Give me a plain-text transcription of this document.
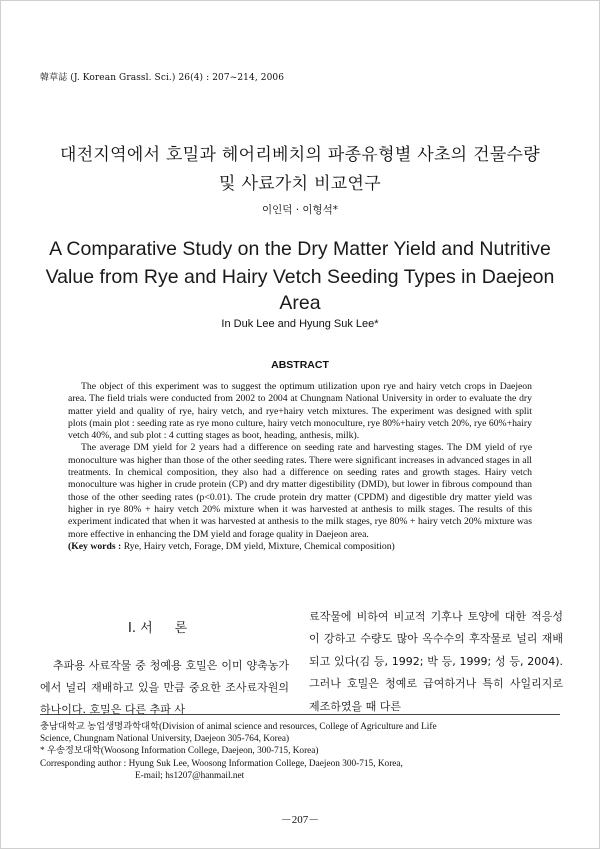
韓草誌 (J. Korean Grassl. Sci.) 26(4) : 207~214, 2006
대전지역에서 호밀과 헤어리베치의 파종유형별 사초의 건물수량
및 사료가치 비교연구
이인덕 · 이형석*
A Comparative Study on the Dry Matter Yield and Nutritive
Value from Rye and Hairy Vetch Seeding Types in Daejeon
Area
In Duk Lee and Hyung Suk Lee*
ABSTRACT

The object of this experiment was to suggest the optimum utilization upon rye and hairy vetch crops in Daejeon area. The field trials were conducted from 2002 to 2004 at Chungnam National University in order to evaluate the dry matter yield and quality of rye, hairy vetch, and rye+hairy vetch mixtures. The experiment was designed with split plots (main plot : seeding rate as rye mono culture, hairy vetch monoculture, rye 80%+hairy vetch 20%, rye 60%+hairy vetch 40%, and sub plot : 4 cutting stages as boot, heading, anthesis, milk).

The average DM yield for 2 years had a difference on seeding rate and harvesting stages. The DM yield of rye monoculture was higher than those of the other seeding rates. There were significant increases in advanced stages in all treatments. In chemical composition, they also had a difference on seeding rates and growth stages. Hairy vetch monoculture was higher in crude protein (CP) and dry matter digestibility (DMD), but lower in fibrous compound than those of the other seeding rates (p<0.01). The crude protein dry matter (CPDM) and digestible dry matter yield was higher in rye 80% + hairy vetch 20% mixture when it was harvested at anthesis to milk stages. The results of this experiment indicated that when it was harvested at anthesis to the milk stages, rye 80% + hairy vetch 20% mixture was more effective in enhancing the DM yield and forage quality in Daejeon area.

(Key words : Rye, Hairy vetch, Forage, DM yield, Mixture, Chemical composition)

I. 서 론

추파용 사료작물 중 청예용 호밀은 이미 양축농가에서 널리 재배하고 있을 만큼 중요한 조사료자원의 하나이다. 호밀은 다른 추파 사

료작물에 비하여 비교적 기후나 토양에 대한 적응성이 강하고 수량도 많아 옥수수의 후작물로 널리 재배되고 있다(김 등, 1992; 박 등, 1999; 성 등, 2004). 그러나 호밀은 청예로 급여하거나 특히 사일리지로 제조하였을 때 다른

충남대학교 농업생명과학대학(Division of animal science and resources, College of Agriculture and Life
Science, Chungnam National University, Daejeon 305-764, Korea)
* 우송정보대학(Woosong Information College, Daejeon, 300-715, Korea)
Corresponding author : Hyung Suk Lee, Woosong Information College, Daejeon 300-715, Korea,
E-mail; hs1207@hanmail.net
－207－
